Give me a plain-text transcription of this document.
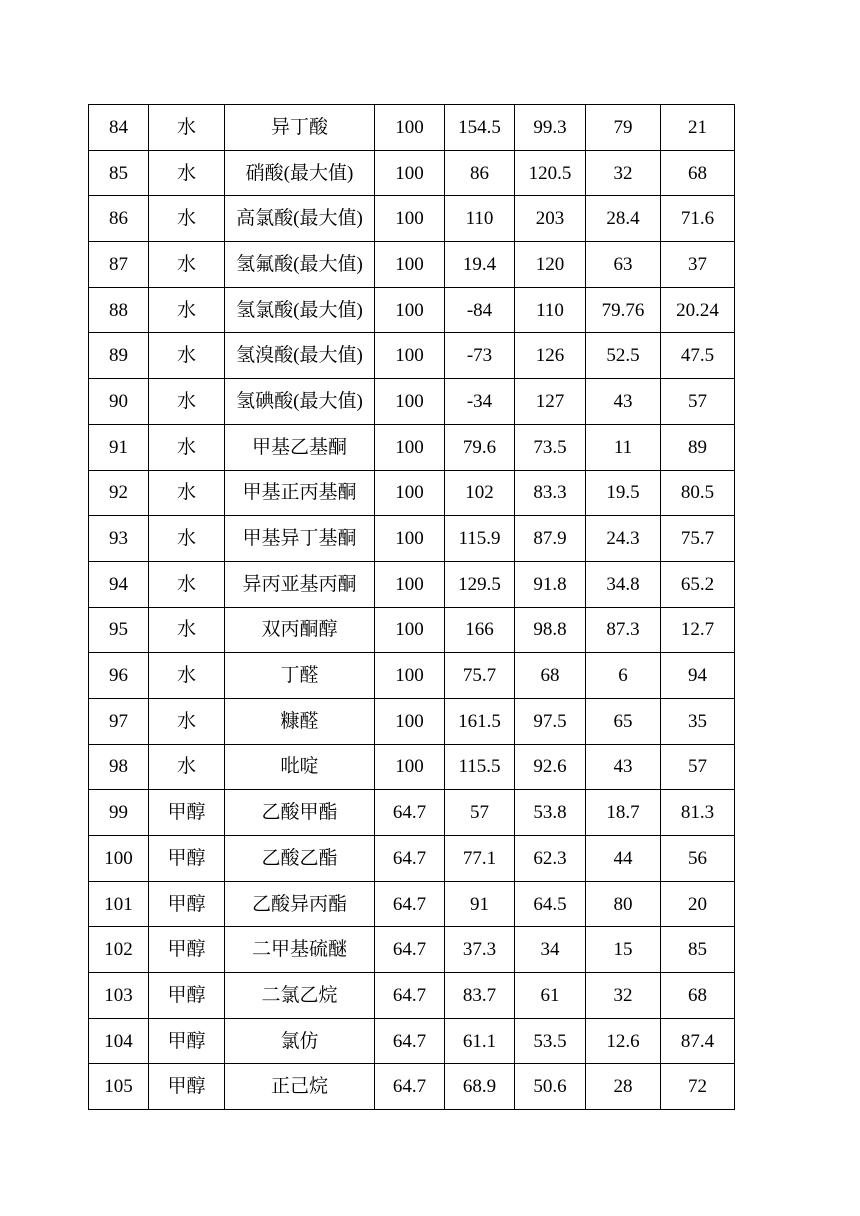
84	水	异丁酸	100	154.5	99.3	79	21
85	水	硝酸(最大值)	100	86	120.5	32	68
86	水	高氯酸(最大值)	100	110	203	28.4	71.6
87	水	氢氟酸(最大值)	100	19.4	120	63	37
88	水	氢氯酸(最大值)	100	-84	110	79.76	20.24
89	水	氢溴酸(最大值)	100	-73	126	52.5	47.5
90	水	氢碘酸(最大值)	100	-34	127	43	57
91	水	甲基乙基酮	100	79.6	73.5	11	89
92	水	甲基正丙基酮	100	102	83.3	19.5	80.5
93	水	甲基异丁基酮	100	115.9	87.9	24.3	75.7
94	水	异丙亚基丙酮	100	129.5	91.8	34.8	65.2
95	水	双丙酮醇	100	166	98.8	87.3	12.7
96	水	丁醛	100	75.7	68	6	94
97	水	糠醛	100	161.5	97.5	65	35
98	水	吡啶	100	115.5	92.6	43	57
99	甲醇	乙酸甲酯	64.7	57	53.8	18.7	81.3
100	甲醇	乙酸乙酯	64.7	77.1	62.3	44	56
101	甲醇	乙酸异丙酯	64.7	91	64.5	80	20
102	甲醇	二甲基硫醚	64.7	37.3	34	15	85
103	甲醇	二氯乙烷	64.7	83.7	61	32	68
104	甲醇	氯仿	64.7	61.1	53.5	12.6	87.4
105	甲醇	正己烷	64.7	68.9	50.6	28	72
